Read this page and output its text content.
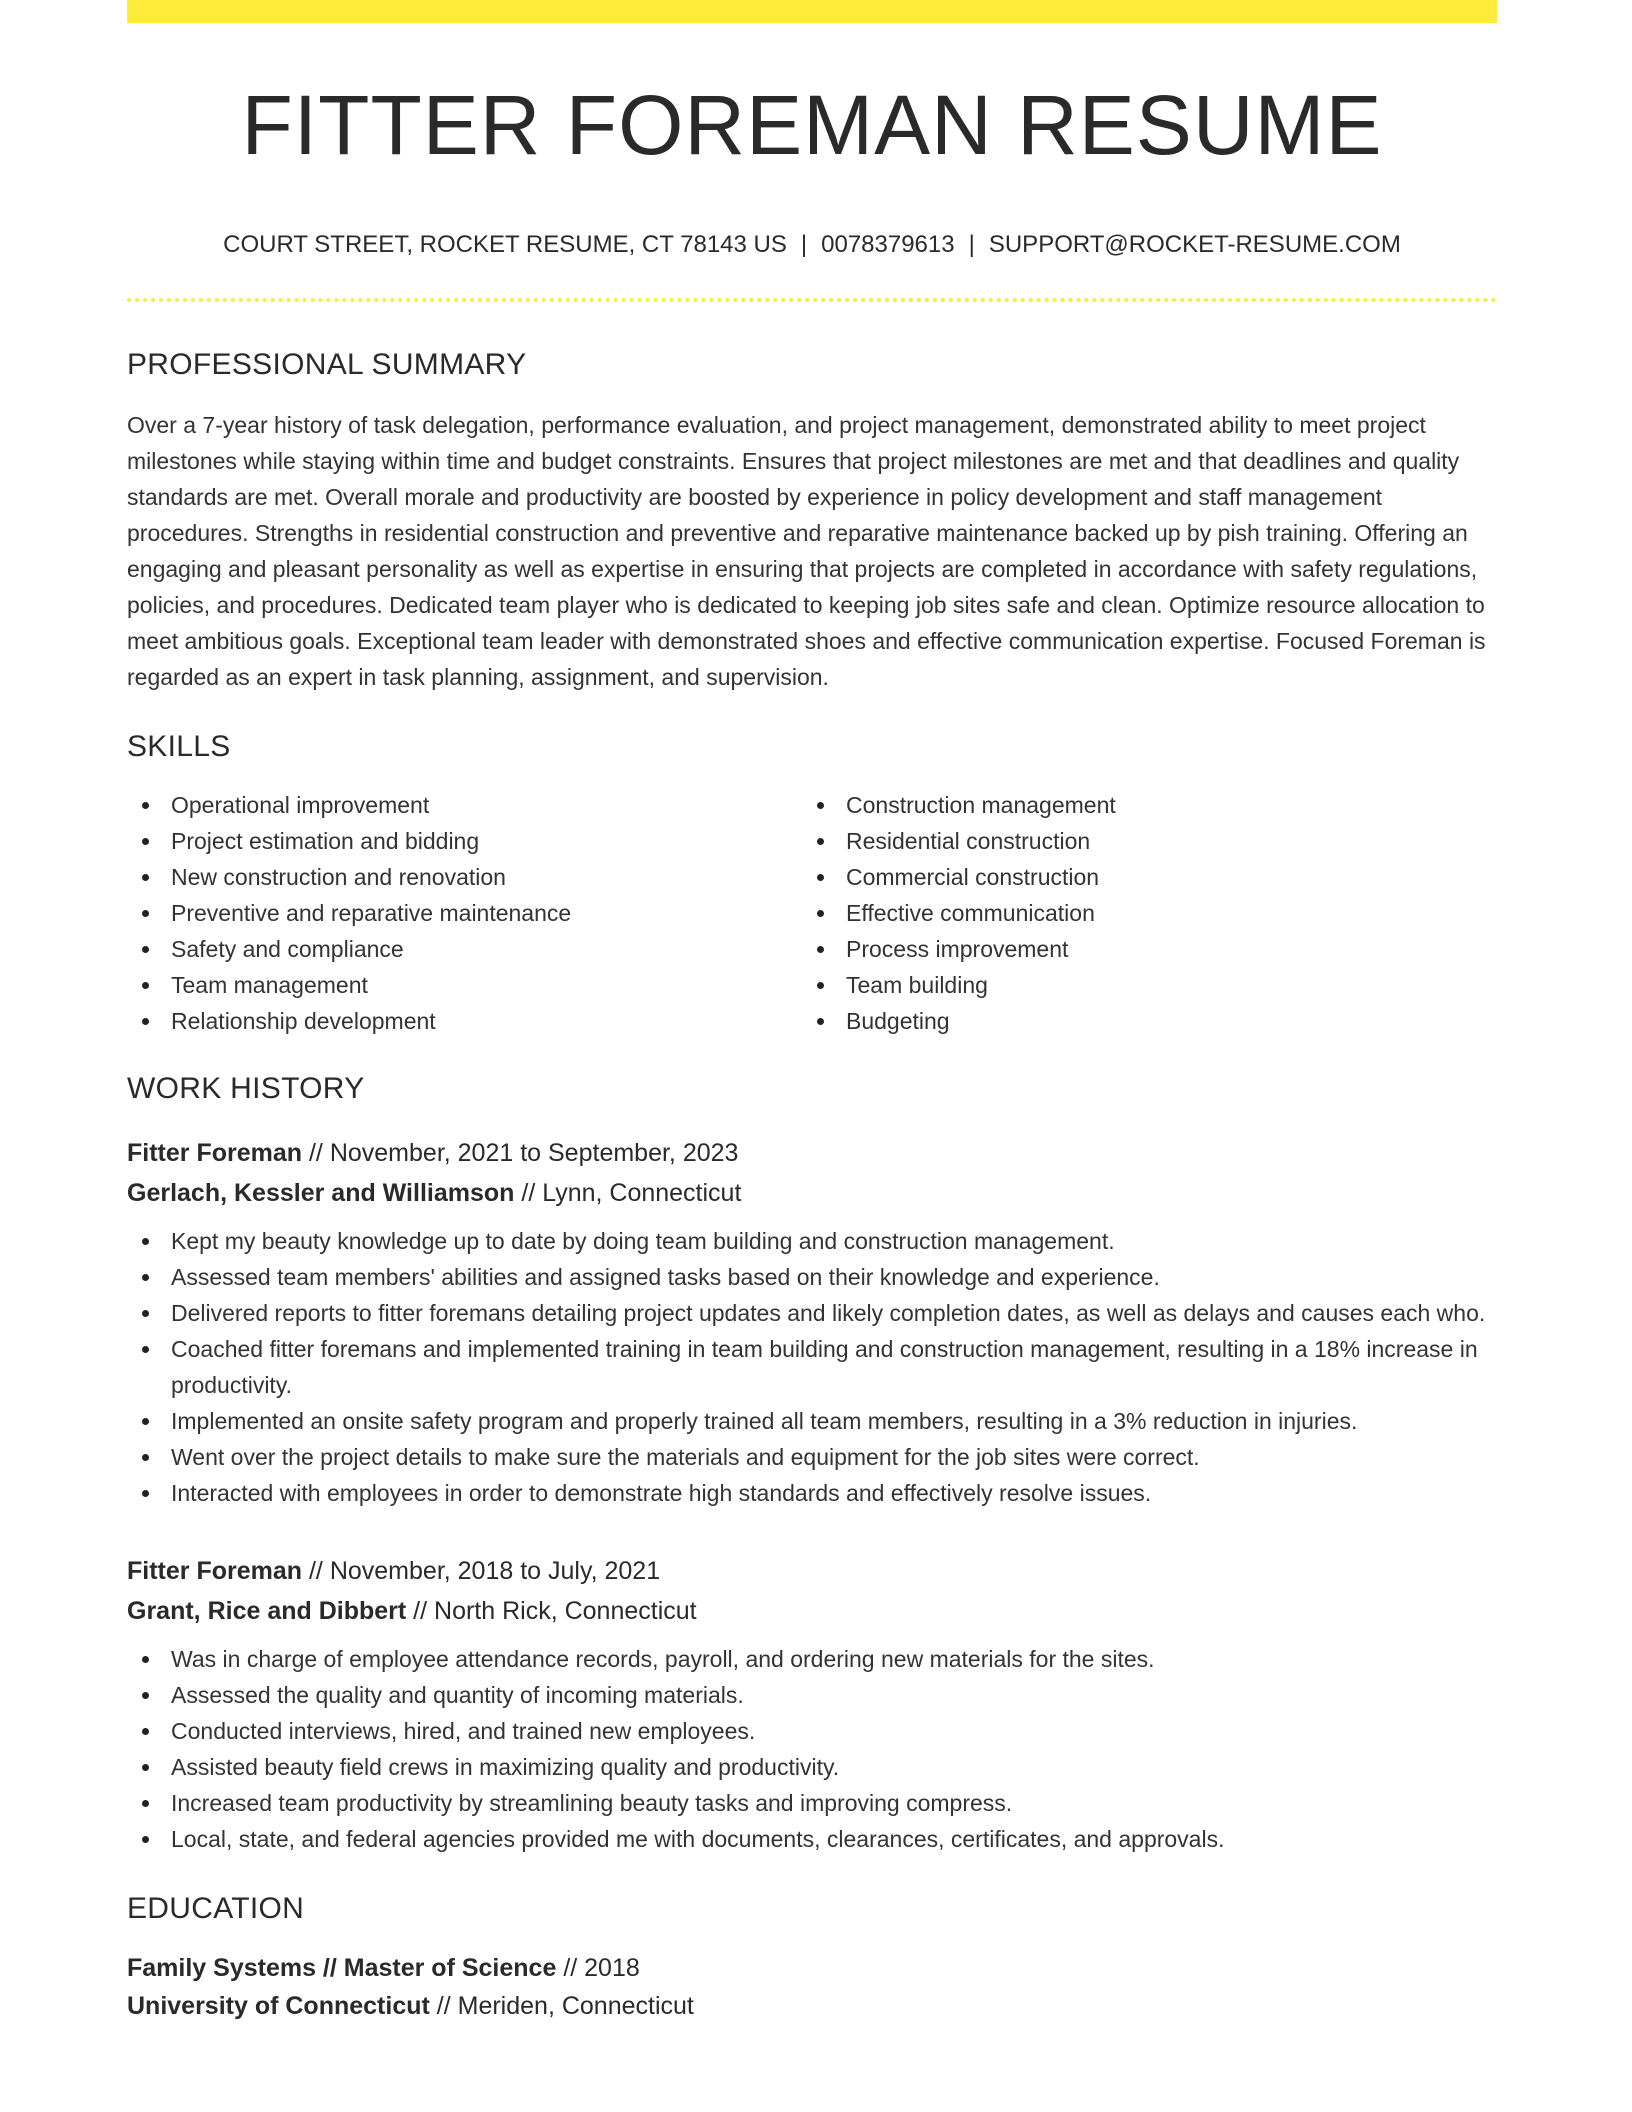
FITTER FOREMAN RESUME
COURT STREET, ROCKET RESUME, CT 78143 US | 0078379613 | SUPPORT@ROCKET-RESUME.COM
PROFESSIONAL SUMMARY

Over a 7-year history of task delegation, performance evaluation, and project management, demonstrated ability to meet project milestones while staying within time and budget constraints. Ensures that project milestones are met and that deadlines and quality standards are met. Overall morale and productivity are boosted by experience in policy development and staff management procedures. Strengths in residential construction and preventive and reparative maintenance backed up by pish training. Offering an engaging and pleasant personality as well as expertise in ensuring that projects are completed in accordance with safety regulations, policies, and procedures. Dedicated team player who is dedicated to keeping job sites safe and clean. Optimize resource allocation to meet ambitious goals. Exceptional team leader with demonstrated shoes and effective communication expertise. Focused Foreman is regarded as an expert in task planning, assignment, and supervision.

SKILLS
Operational improvement
Project estimation and bidding
New construction and renovation
Preventive and reparative maintenance
Safety and compliance
Team management
Relationship development
Construction management
Residential construction
Commercial construction
Effective communication
Process improvement
Team building
Budgeting
WORK HISTORY
Fitter Foreman // November, 2021 to September, 2023
Gerlach, Kessler and Williamson // Lynn, Connecticut
Kept my beauty knowledge up to date by doing team building and construction management.
Assessed team members' abilities and assigned tasks based on their knowledge and experience.
Delivered reports to fitter foremans detailing project updates and likely completion dates, as well as delays and causes each who.
Coached fitter foremans and implemented training in team building and construction management, resulting in a 18% increase in productivity.
Implemented an onsite safety program and properly trained all team members, resulting in a 3% reduction in injuries.
Went over the project details to make sure the materials and equipment for the job sites were correct.
Interacted with employees in order to demonstrate high standards and effectively resolve issues.
Fitter Foreman // November, 2018 to July, 2021
Grant, Rice and Dibbert // North Rick, Connecticut
Was in charge of employee attendance records, payroll, and ordering new materials for the sites.
Assessed the quality and quantity of incoming materials.
Conducted interviews, hired, and trained new employees.
Assisted beauty field crews in maximizing quality and productivity.
Increased team productivity by streamlining beauty tasks and improving compress.
Local, state, and federal agencies provided me with documents, clearances, certificates, and approvals.
EDUCATION
Family Systems // Master of Science // 2018
University of Connecticut // Meriden, Connecticut
